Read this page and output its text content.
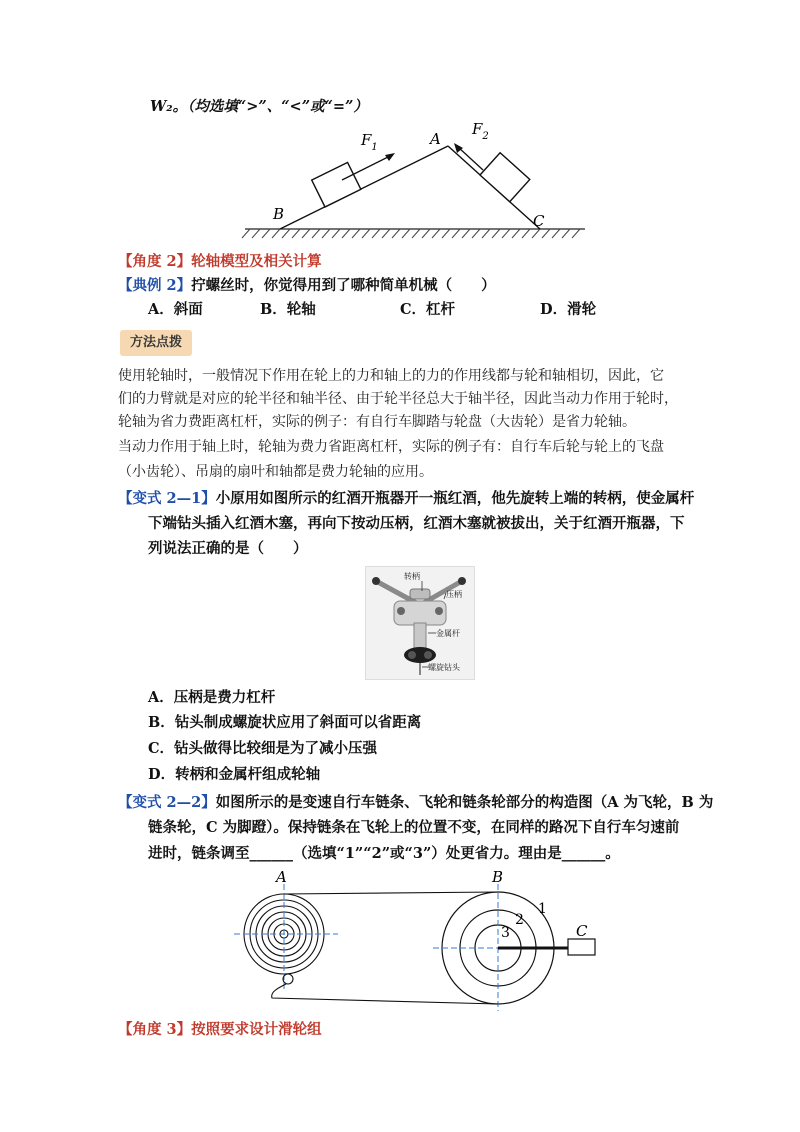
W₂。（均选填“>”、“<”或“=”）
$F_1$
$F_2$
A
B	C
【角度 2】轮轴模型及相关计算
【典例 2】拧螺丝时，你觉得用到了哪种简单机械（　　）
A．斜面	B．轮轴	C．杠杆	D．滑轮
方法点拨
使用轮轴时，一般情况下作用在轮上的力和轴上的力的作用线都与轮和轴相切，因此，它
们的力臂就是对应的轮半径和轴半径、由于轮半径总大于轴半径，因此当动力作用于轮时，
轮轴为省力费距离杠杆，实际的例子：有自行车脚踏与轮盘（大齿轮）是省力轮轴。
当动力作用于轴上时，轮轴为费力省距离杠杆，实际的例子有：自行车后轮与轮上的飞盘
（小齿轮）、吊扇的扇叶和轴都是费力轮轴的应用。
【变式 2—1】小原用如图所示的红酒开瓶器开一瓶红酒，他先旋转上端的转柄，使金属杆
下端钻头插入红酒木塞，再向下按动压柄，红酒木塞就被拔出，关于红酒开瓶器，下
列说法正确的是（　　）
转柄
压柄
金属杆
螺旋钻头
A．压柄是费力杠杆
B．钻头制成螺旋状应用了斜面可以省距离
C．钻头做得比较细是为了减小压强
D．转柄和金属杆组成轮轴
【变式 2—2】如图所示的是变速自行车链条、飞轮和链条轮部分的构造图（A 为飞轮，B 为
链条轮，C 为脚蹬）。保持链条在飞轮上的位置不变，在同样的路况下自行车匀速前
进时，链条调至______（选填“1”“2”或“3”）处更省力。理由是______。
A	B
C
1
2
3
【角度 3】按照要求设计滑轮组
